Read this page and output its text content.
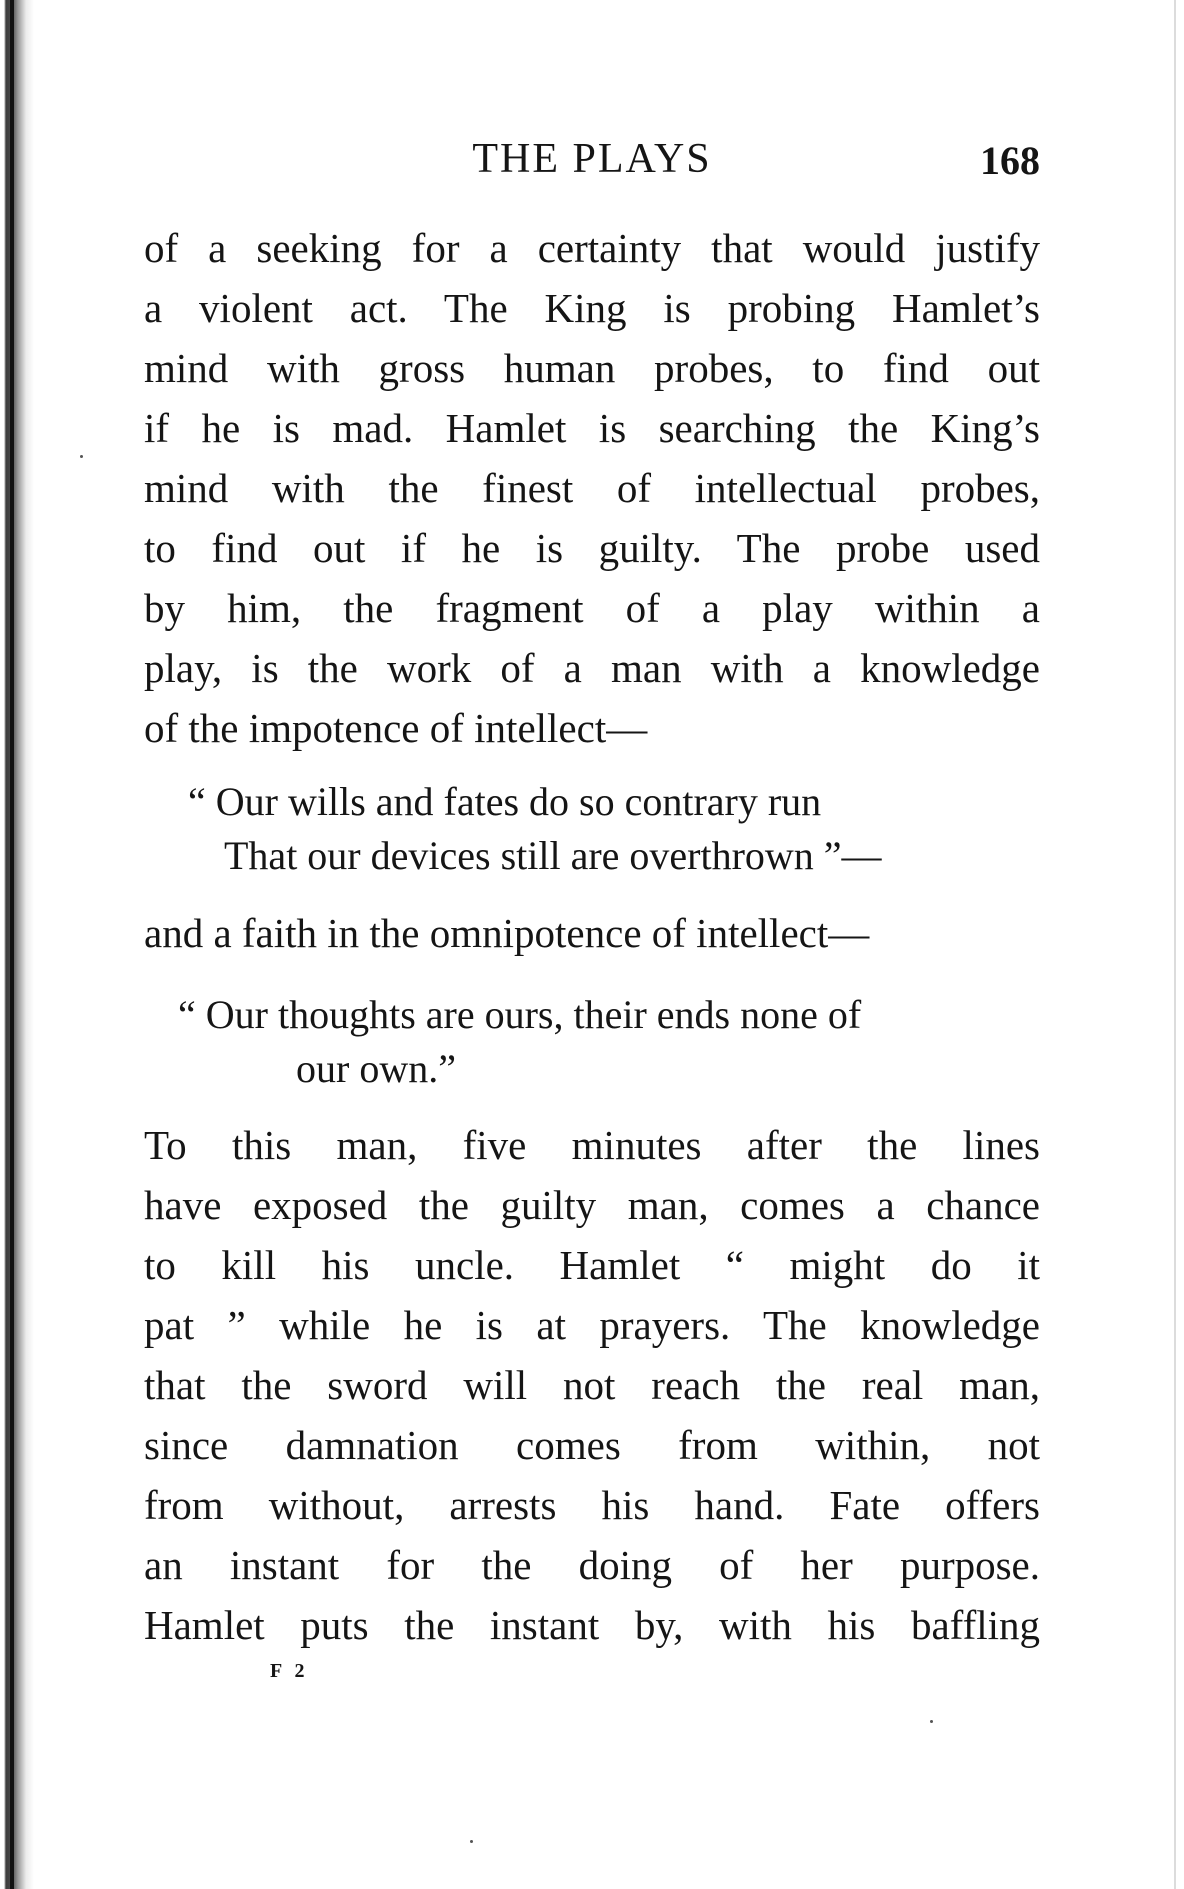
THE PLAYS	168
of a seeking for a certainty that would justify
a violent act. The King is probing Hamlet’s
mind with gross human probes, to find out
if he is mad. Hamlet is searching the King’s
mind with the finest of intellectual probes,
to find out if he is guilty. The probe used
by him, the fragment of a play within a
play, is the work of a man with a knowledge
of the impotence of intellect—
“ Our wills and fates do so contrary run
That our devices still are overthrown ”—
and a faith in the omnipotence of intellect—
“ Our thoughts are ours, their ends none of
our own.”
To this man, five minutes after the lines
have exposed the guilty man, comes a chance
to kill his uncle. Hamlet “ might do it
pat ” while he is at prayers. The knowledge
that the sword will not reach the real man,
since damnation comes from within, not
from without, arrests his hand. Fate offers
an instant for the doing of her purpose.
Hamlet puts the instant by, with his baffling
F 2
